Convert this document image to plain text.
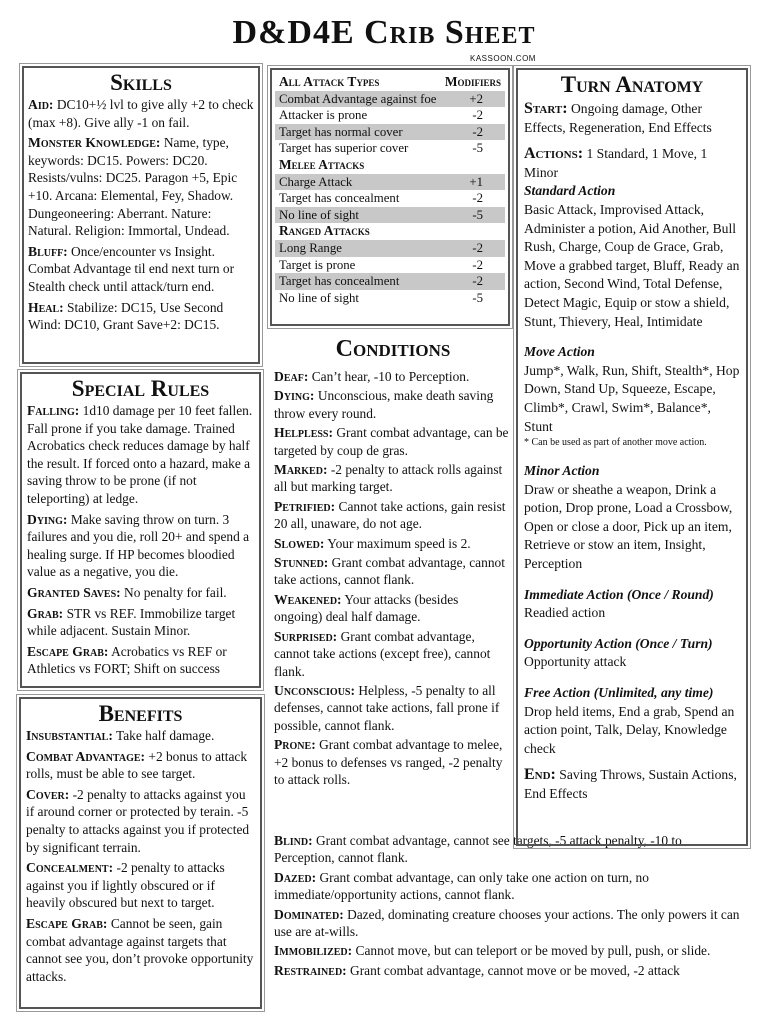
D&D4E Crib Sheet
KASSOON.COM
Skills

Aid: DC10+½ lvl to give ally +2 to check (max +8). Give ally -1 on fail.

Monster Knowledge: Name, type, keywords: DC15. Powers: DC20. Resists/vulns: DC25. Paragon +5, Epic +10. Arcana: Elemental, Fey, Shadow. Dungeoneering: Aberrant. Nature: Natural. Religion: Immortal, Undead.

Bluff: Once/encounter vs Insight. Combat Advantage til end next turn or Stealth check until attack/turn end.

Heal: Stabilize: DC15, Use Second Wind: DC10, Grant Save+2: DC15.

Special Rules

Falling: 1d10 damage per 10 feet fallen. Fall prone if you take damage. Trained Acrobatics check reduces damage by half the result. If forced onto a hazard, make a saving throw to be prone (if not teleporting) at ledge.

Dying: Make saving throw on turn. 3 failures and you die, roll 20+ and spend a healing surge. If HP becomes bloodied value as a negative, you die.

Granted Saves: No penalty for fail.

Grab: STR vs REF. Immobilize target while adjacent. Sustain Minor.

Escape Grab: Acrobatics vs REF or Athletics vs FORT; Shift on success

Benefits

Insubstantial: Take half damage.

Combat Advantage: +2 bonus to attack rolls, must be able to see target.

Cover: -2 penalty to attacks against you if around corner or protected by terain. -5 penalty to attacks against you if protected by significant terrain.

Concealment: -2 penalty to attacks against you if lightly obscured or if heavily obscured but next to target.

Escape Grab: Cannot be seen, gain combat advantage against targets that cannot see you, don’t provoke opportunity attacks.

All Attack Types	Modifiers
Combat Advantage against foe	+2
Attacker is prone	-2
Target has normal cover	-2
Target has superior cover	-5
Melee Attacks	
Charge Attack	+1
Target has concealment	-2
No line of sight	-5
Ranged Attacks	
Long Range	-2
Target is prone	-2
Target has concealment	-2
No line of sight	-5
Conditions

Deaf: Can’t hear, -10 to Perception.

Dying: Unconscious, make death saving throw every round.

Helpless: Grant combat advantage, can be targeted by coup de gras.

Marked: -2 penalty to attack rolls against all but marking target.

Petrified: Cannot take actions, gain resist 20 all, unaware, do not age.

Slowed: Your maximum speed is 2.

Stunned: Grant combat advantage, cannot take actions, cannot flank.

Weakened: Your attacks (besides ongoing) deal half damage.

Surprised: Grant combat advantage, cannot take actions (except free), cannot flank.

Unconscious: Helpless, -5 penalty to all defenses, cannot take actions, fall prone if possible, cannot flank.

Prone: Grant combat advantage to melee, +2 bonus to defenses vs ranged, -2 penalty to attack rolls.

Blind: Grant combat advantage, cannot see targets, -5 attack penalty, -10 to Perception, cannot flank.

Dazed: Grant combat advantage, can only take one action on turn, no immediate/opportunity actions, cannot flank.

Dominated: Dazed, dominating creature chooses your actions. The only powers it can use are at-wills.

Immobilized: Cannot move, but can teleport or be moved by pull, push, or slide.

Restrained: Grant combat advantage, cannot move or be moved, -2 attack

Turn Anatomy

Start: Ongoing damage, Other Effects, Regeneration, End Effects

Actions: 1 Standard, 1 Move, 1 Minor

Standard Action

Basic Attack, Improvised Attack, Administer a potion, Aid Another, Bull Rush, Charge, Coup de Grace, Grab, Move a grabbed target, Bluff, Ready an action, Second Wind, Total Defense, Detect Magic, Equip or stow a shield, Stunt, Thievery, Heal, Intimidate

Move Action

Jump*, Walk, Run, Shift, Stealth*, Hop Down, Stand Up, Squeeze, Escape, Climb*, Crawl, Swim*, Balance*, Stunt

* Can be used as part of another move action.

Minor Action

Draw or sheathe a weapon, Drink a potion, Drop prone, Load a Crossbow, Open or close a door, Pick up an item, Retrieve or stow an item, Insight, Perception

Immediate Action (Once / Round)

Readied action

Opportunity Action (Once / Turn)

Opportunity attack

Free Action (Unlimited, any time)

Drop held items, End a grab, Spend an action point, Talk, Delay, Knowledge check

End: Saving Throws, Sustain Actions, End Effects
